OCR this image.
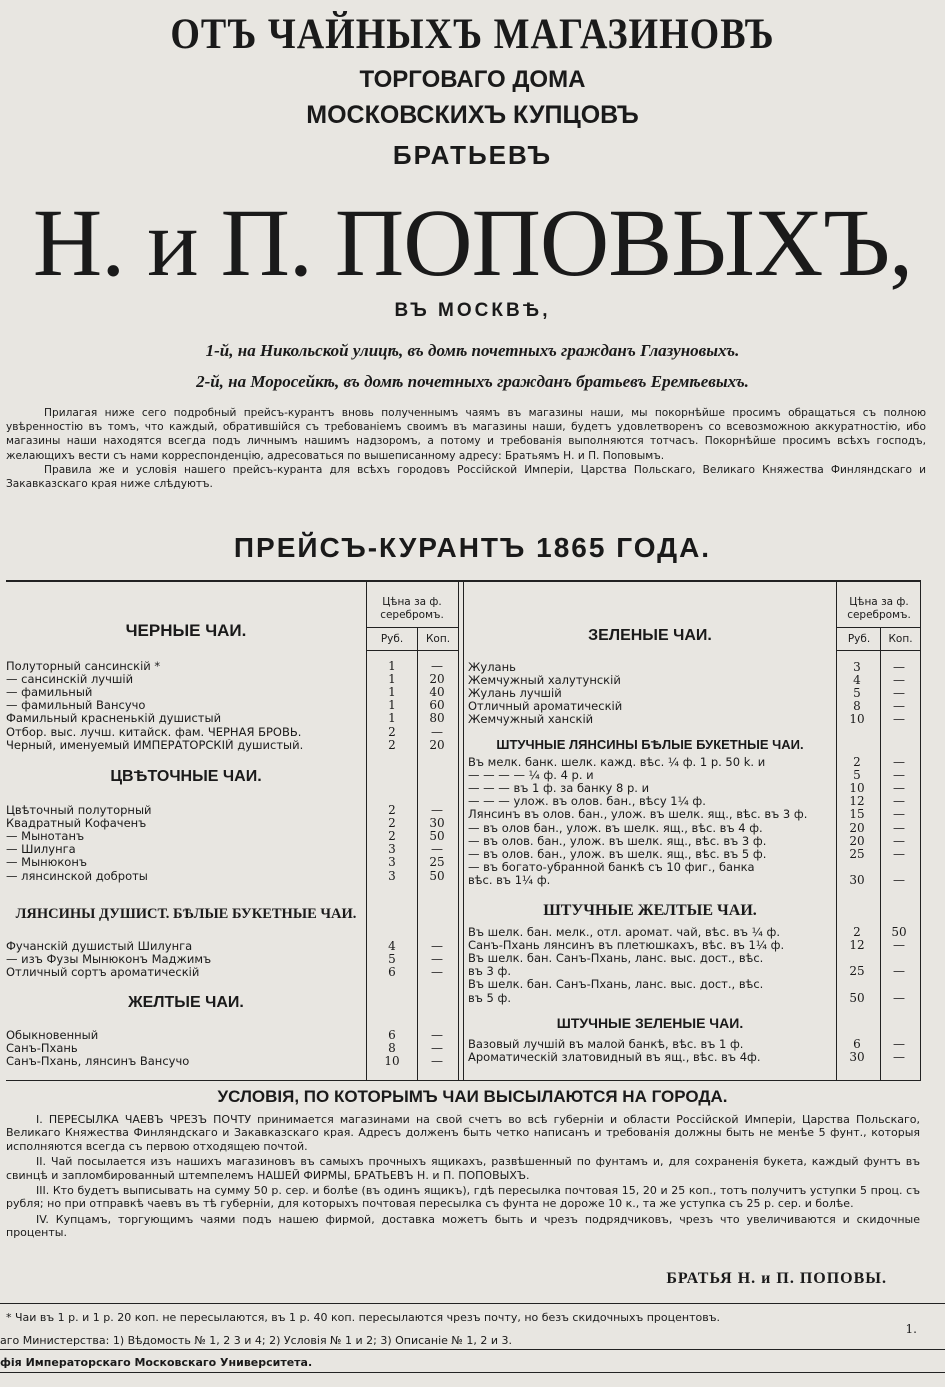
ОТЪ ЧАЙНЫХЪ МАГАЗИНОВЪ
ТОРГОВАГО ДОМА
МОСКОВСКИХЪ КУПЦОВЪ
БРАТЬЕВЪ
Н. и П. ПОПОВЫХЪ,
ВЪ МОСКВѢ,
1-й, на Никольской улицѣ, въ домѣ почетныхъ гражданъ Глазуновыхъ.
2-й, на Моросейкѣ, въ домѣ почетныхъ гражданъ братьевъ Еремѣевыхъ.

Прилагая ниже сего подробный прейсъ-курантъ вновь полученнымъ чаямъ въ магазины наши, мы покорнѣйше просимъ обращаться съ полною увѣренностію въ томъ, что каждый, обратившійся съ требованіемъ своимъ въ магазины наши, будетъ удовлетворенъ со всевозможною аккуратностію, ибо магазины наши находятся всегда подъ личнымъ нашимъ надзоромъ, а потому и требованія выполняются тотчасъ. Покорнѣйше просимъ всѣхъ господъ, желающихъ вести съ нами корреспонденцію, адресоваться по вышеписанному адресу: Братьямъ Н. и П. Поповымъ.

Правила же и условія нашего прейсъ-куранта для всѣхъ городовъ Россійской Имперіи, Царства Польскаго, Великаго Княжества Финляндскаго и Закавказскаго края ниже слѣдуютъ.

ПРЕЙСЪ-КУРАНТЪ 1865 ГОДА.
Цѣна за ф. серебромъ.
Руб.	Коп.
Цѣна за ф. серебромъ.
Руб.	Коп.
ЧЕРНЫЕ ЧАИ.
ЦВѢТОЧНЫЕ ЧАИ.
ЛЯНСИНЫ ДУШИСТ. БѢЛЫЕ БУКЕТНЫЕ ЧАИ.
ЖЕЛТЫЕ ЧАИ.
ЗЕЛЕНЫЕ ЧАИ.
ШТУЧНЫЕ ЛЯНСИНЫ БѢЛЫЕ БУКЕТНЫЕ ЧАИ.
ШТУЧНЫЕ ЖЕЛТЫЕ ЧАИ.
ШТУЧНЫЕ ЗЕЛЕНЫЕ ЧАИ.
Полуторный сансинскій *	1	—
— сансинскій лучшій	1	20
— фамильный	1	40
— фамильный Вансучо	1	60
Фамильный красненькій душистый	1	80
Отбор. выс. лучш. китайск. фам. ЧЕРНАЯ БРОВЬ.	2	—
Черный, именуемый ИМПЕРАТОРСКІЙ душистый.	2	20
Цвѣточный полуторный	2	—
Квадратный Кофаченъ	2	30
— Мынотанъ	2	50
— Шилунга	3	—
— Мынюконъ	3	25
— лянсинской доброты	3	50
Фучанскій душистый Шилунга	4	—
— изъ Фузы Мынюконъ Маджимъ	5	—
Отличный сортъ ароматическій	6	—
Обыкновенный	6	—
Санъ-Пхань	8	—
Санъ-Пхань, лянсинъ Вансучо	10	—
Жулань	3	—
Жемчужный халутунскій	4	—
Жулань лучшій	5	—
Отличный ароматическій	8	—
Жемчужный ханскій	10	—
Въ мелк. банк. шелк. кажд. вѣс. ¼ ф. 1 р. 50 k. и	2	—
— — — — ¼ ф. 4 р. и	5	—
— — — въ 1 ф. за банку 8 р. и	10	—
— — — улож. въ олов. бан., вѣсу 1¼ ф.	12	—
Лянсинъ въ олов. бан., улож. въ шелк. ящ., вѣс. въ 3 ф.	15	—
— въ олов бан., улож. въ шелк. ящ., вѣс. въ 4 ф.	20	—
— въ олов. бан., улож. въ шелк. ящ., вѣс. въ 3 ф.	20	—
— въ олов. бан., улож. въ шелк. ящ., вѣс. въ 5 ф.	25	—
— въ богато-убранной банкѣ съ 10 фиг., банка
вѣс. въ 1¼ ф.	30	—
Въ шелк. бан. мелк., отл. аромат. чай, вѣс. въ ¼ ф.	2	50
Санъ-Пхань лянсинъ въ плетюшкахъ, вѣс. въ 1¼ ф.	12	—
Въ шелк. бан. Санъ-Пхань, ланс. выс. дост., вѣс.
въ 3 ф.	25	—
Въ шелк. бан. Санъ-Пхань, ланс. выс. дост., вѣс.
въ 5 ф.	50	—
Вазовый лучшій въ малой банкѣ, вѣс. въ 1 ф.	6	—
Ароматическій златовидный въ ящ., вѣс. въ 4ф.	30	—
УСЛОВІЯ, ПО КОТОРЫМЪ ЧАИ ВЫСЫЛАЮТСЯ НА ГОРОДА.

I. ПЕРЕСЫЛКА ЧАЕВЪ ЧРЕЗЪ ПОЧТУ принимается магазинами на свой счетъ во всѣ губерніи и области Россійской Имперіи, Царства Польскаго, Великаго Княжества Финляндскаго и Закавказскаго края. Адресъ долженъ быть четко написанъ и требованія должны быть не менѣе 5 фунт., которыя исполняются всегда съ первою отходящею почтой.

II. Чай посылается изъ нашихъ магазиновъ въ самыхъ прочныхъ ящикахъ, развѣшенный по фунтамъ и, для сохраненія букета, каждый фунтъ въ свинцѣ и запломбированный штемпелемъ НАШЕЙ ФИРМЫ, БРАТЬЕВЪ Н. и П. ПОПОВЫХЪ.

III. Кто будетъ выписывать на сумму 50 р. сер. и болѣе (въ одинъ ящикъ), гдѣ пересылка почтовая 15, 20 и 25 коп., тотъ получитъ уступки 5 проц. съ рубля; но при отправкѣ чаевъ въ тѣ губерніи, для которыхъ почтовая пересылка съ фунта не дороже 10 к., та же уступка съ 25 р. сер. и болѣе.

IV. Купцамъ, торгующимъ чаями подъ нашею фирмой, доставка можетъ быть и чрезъ подрядчиковъ, чрезъ что увеличиваются и скидочные проценты.

БРАТЬЯ Н. и П. ПОПОВЫ.
* Чаи въ 1 р. и 1 р. 20 коп. не пересылаются, въ 1 р. 40 коп. пересылаются чрезъ почту, но безъ скидочныхъ процентовъ.
1.
аго Министерства: 1) Вѣдомость № 1, 2 3 и 4; 2) Условія № 1 и 2; 3) Описаніе № 1, 2 и 3.
фія Императорскаго Московскаго Университета.
